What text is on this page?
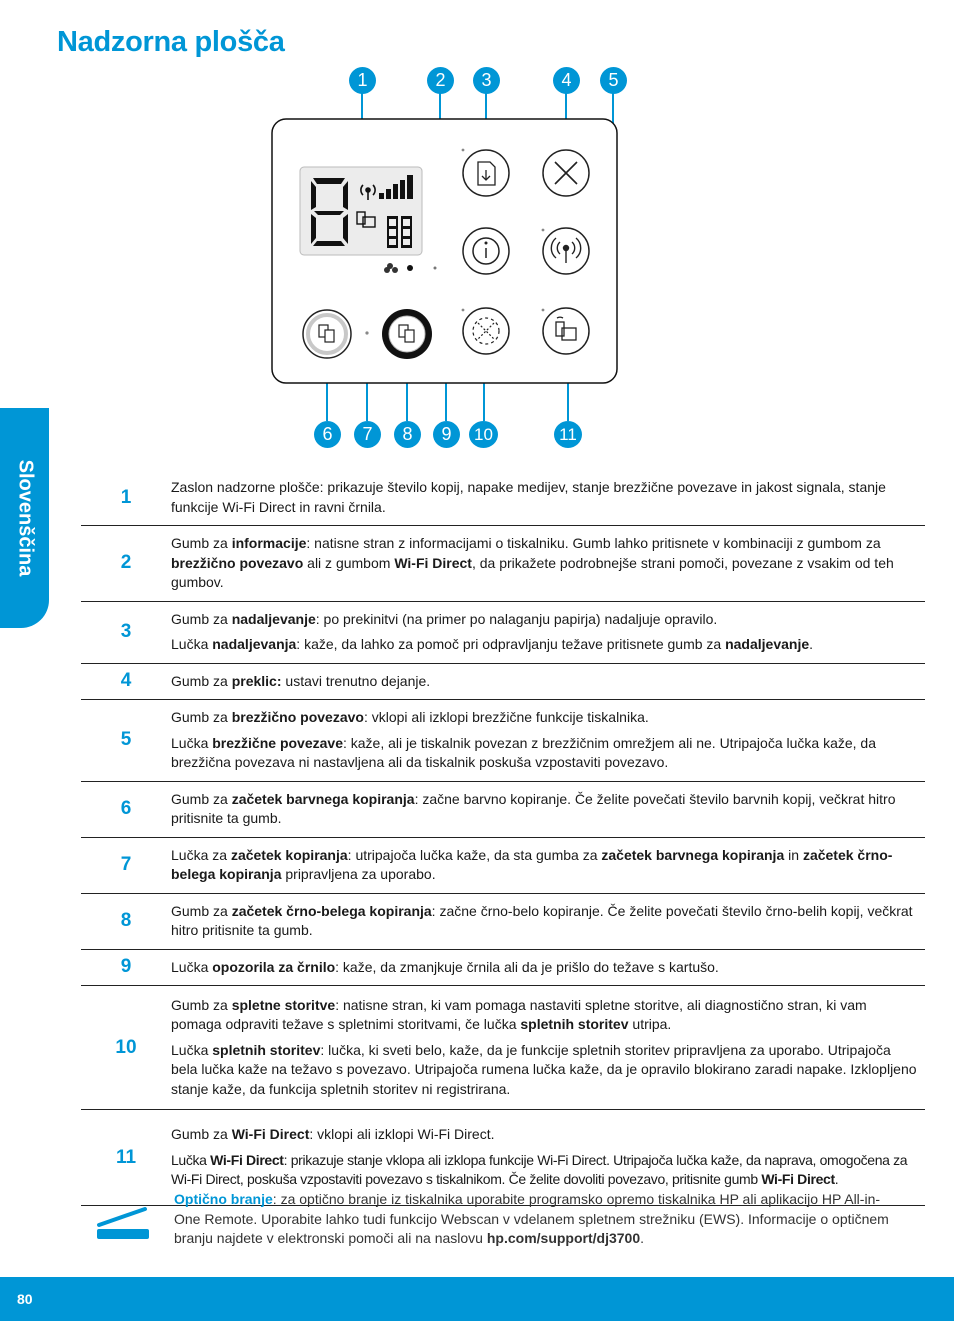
Nadzorna plošča
Slovenščina
1	2	3	4	5
6	7	8	9	10	11
1	Zaslon nadzorne plošče: prikazuje število kopij, napake medijev, stanje brezžične povezave in jakost signala, stanje funkcije Wi-Fi Direct in ravni črnila.

2	Gumb za informacije: natisne stran z informacijami o tiskalniku. Gumb lahko pritisnete v kombinaciji z gumbom za brezžično povezavo ali z gumbom Wi-Fi Direct, da prikažete podrobnejše strani pomoči, povezane z vsakim od teh gumbov.

3	Gumb za nadaljevanje: po prekinitvi (na primer po nalaganju papirja) nadaljuje opravilo.

Lučka nadaljevanja: kaže, da lahko za pomoč pri odpravljanju težave pritisnete gumb za nadaljevanje.

4	Gumb za preklic: ustavi trenutno dejanje.

5	Gumb za brezžično povezavo: vklopi ali izklopi brezžične funkcije tiskalnika.

Lučka brezžične povezave: kaže, ali je tiskalnik povezan z brezžičnim omrežjem ali ne. Utripajoča lučka kaže, da brezžična povezava ni nastavljena ali da tiskalnik poskuša vzpostaviti povezavo.

6	Gumb za začetek barvnega kopiranja: začne barvno kopiranje. Če želite povečati število barvnih kopij, večkrat hitro pritisnite ta gumb.

7	Lučka za začetek kopiranja: utripajoča lučka kaže, da sta gumba za začetek barvnega kopiranja in začetek črno-belega kopiranja pripravljena za uporabo.

8	Gumb za začetek črno-belega kopiranja: začne črno-belo kopiranje. Če želite povečati število črno-belih kopij, večkrat hitro pritisnite ta gumb.

9	Lučka opozorila za črnilo: kaže, da zmanjkuje črnila ali da je prišlo do težave s kartušo.

10	Gumb za spletne storitve: natisne stran, ki vam pomaga nastaviti spletne storitve, ali diagnostično stran, ki vam pomaga odpraviti težave s spletnimi storitvami, če lučka spletnih storitev utripa.

Lučka spletnih storitev: lučka, ki sveti belo, kaže, da je funkcije spletnih storitev pripravljena za uporabo. Utripajoča bela lučka kaže na težavo s povezavo. Utripajoča rumena lučka kaže, da je opravilo blokirano zaradi napake. Izklopljeno stanje kaže, da funkcija spletnih storitev ni registrirana.

11	Gumb za Wi-Fi Direct: vklopi ali izklopi Wi-Fi Direct.

Lučka Wi-Fi Direct: prikazuje stanje vklopa ali izklopa funkcije Wi-Fi Direct. Utripajoča lučka kaže, da naprava, omogočena za Wi-Fi Direct, poskuša vzpostaviti povezavo s tiskalnikom. Če želite dovoliti povezavo, pritisnite gumb Wi-Fi Direct.

Optično branje: za optično branje iz tiskalnika uporabite programsko opremo tiskalnika HP ali aplikacijo HP All-in-One Remote. Uporabite lahko tudi funkcijo Webscan v vdelanem spletnem strežniku (EWS). Informacije o optičnem branju najdete v elektronski pomoči ali na naslovu hp.com/support/dj3700.
80
